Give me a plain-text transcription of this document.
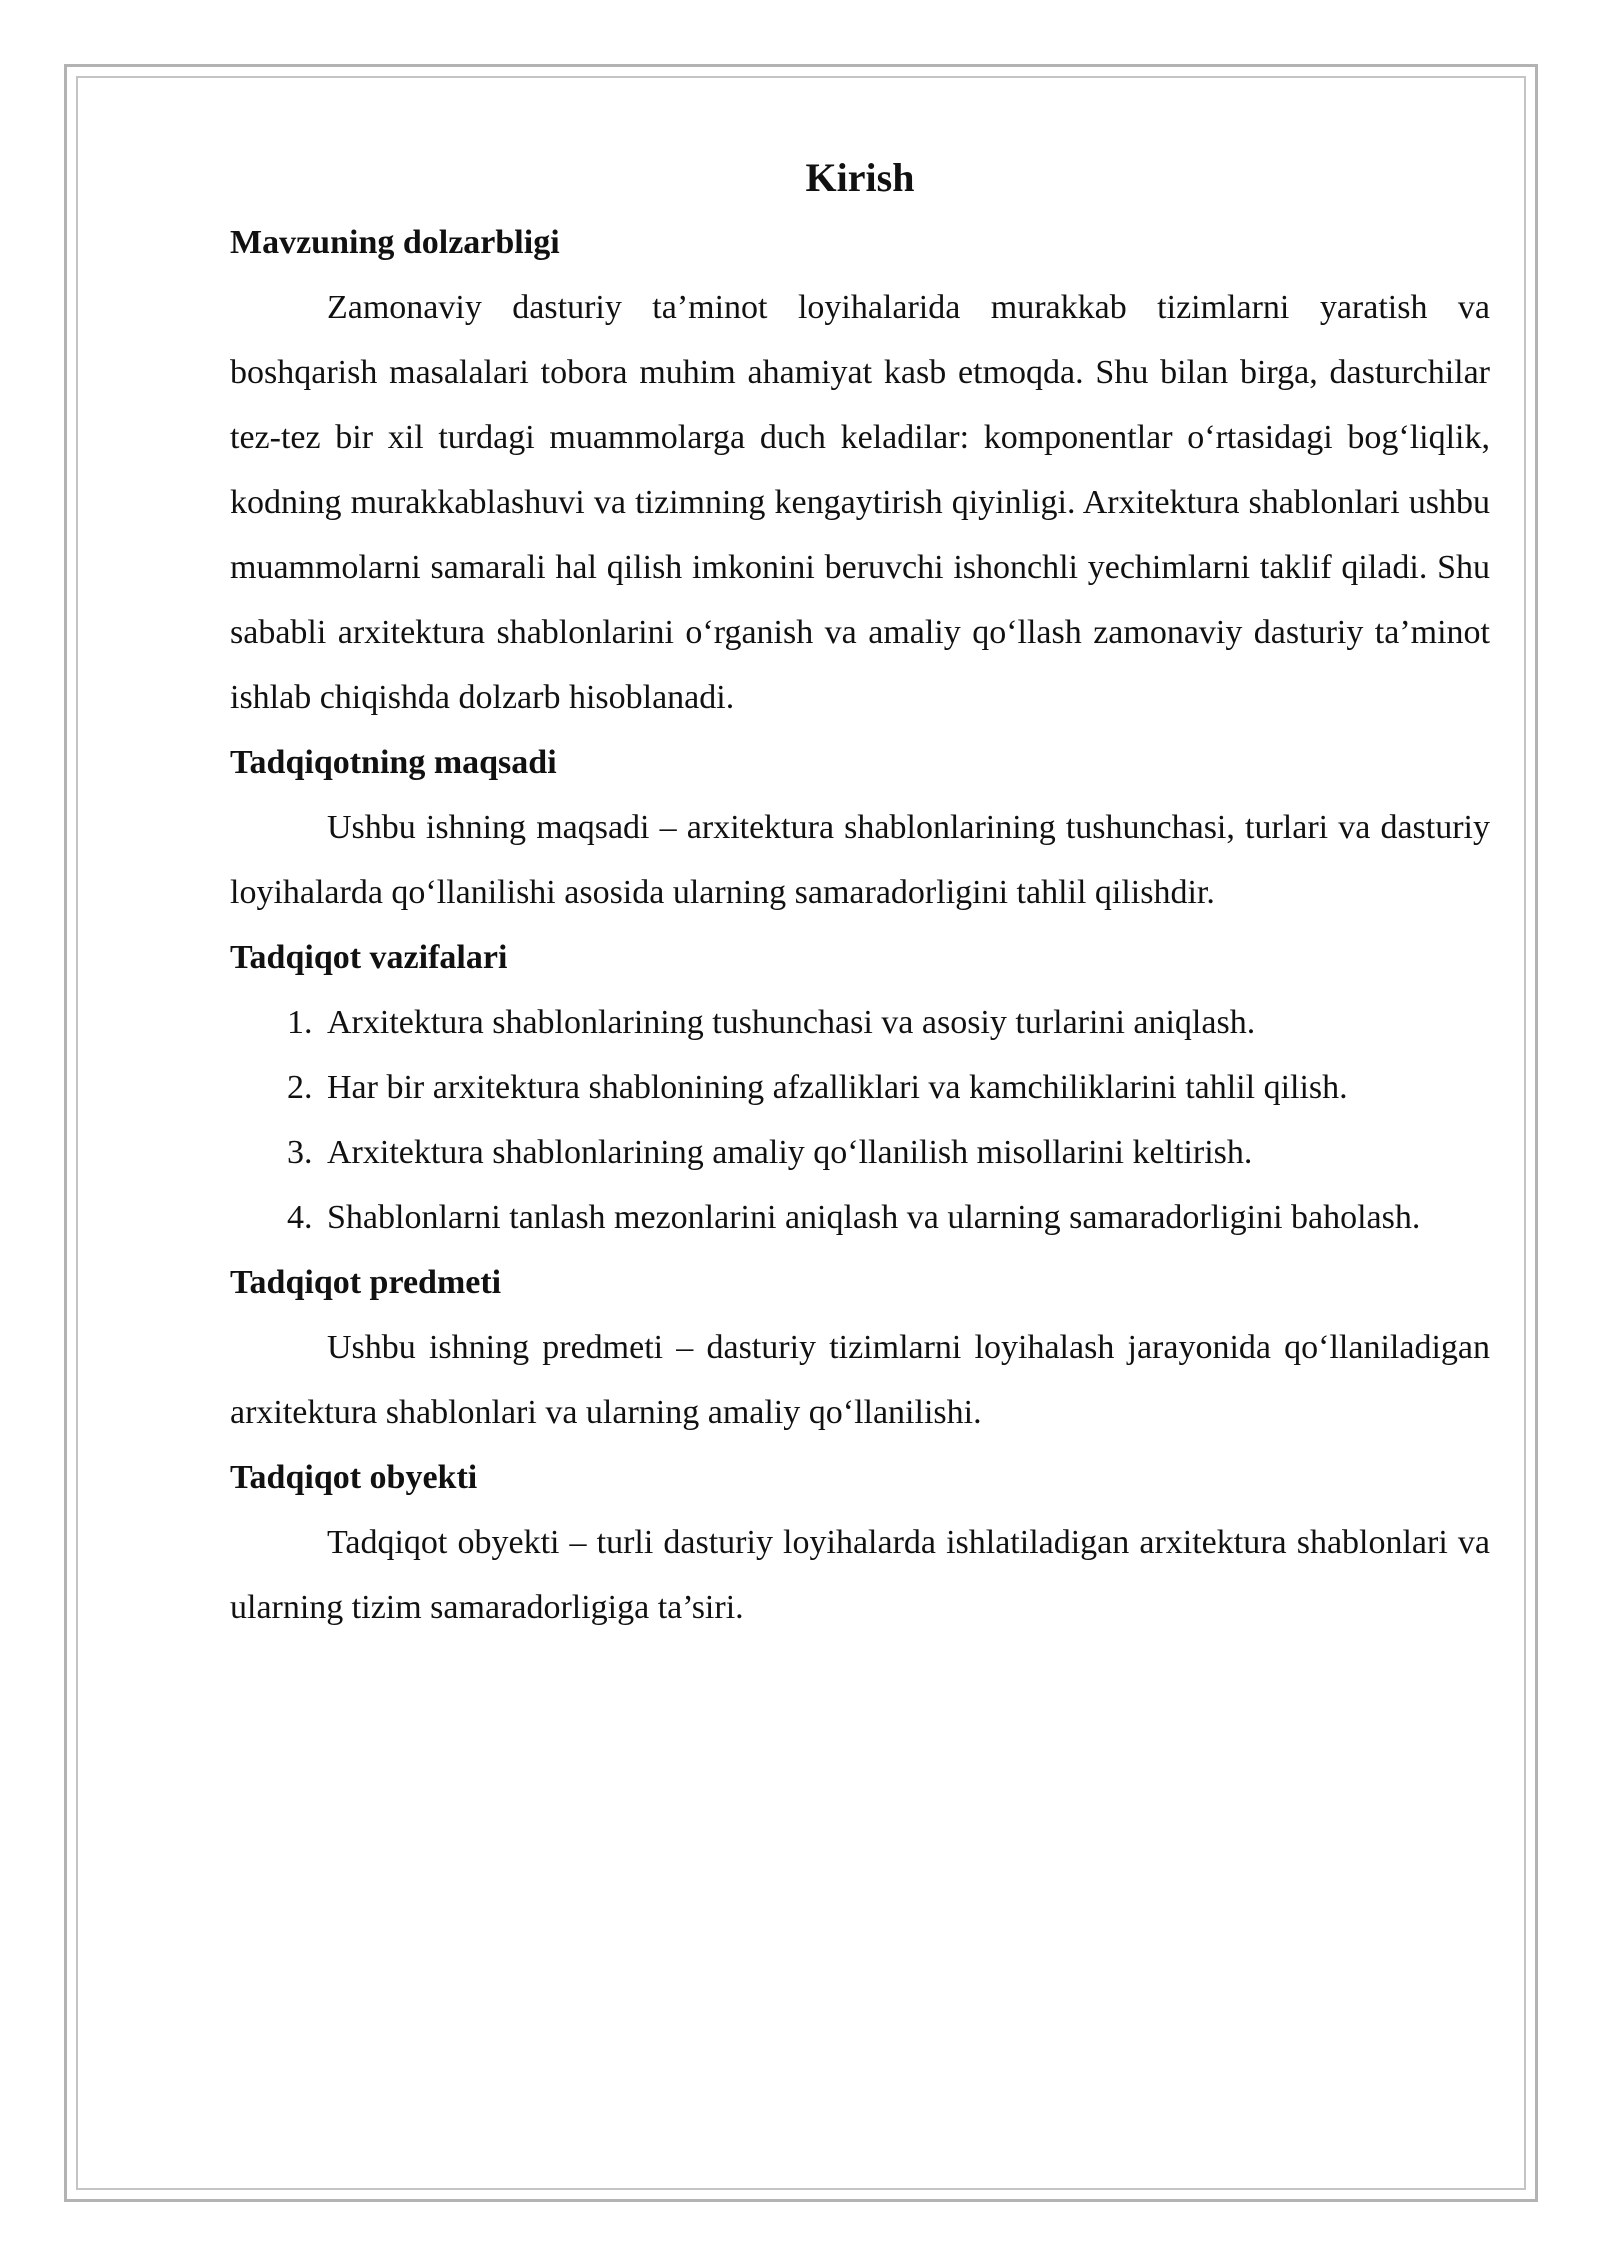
Kirish
Mavzuning dolzarbligi

Zamonaviy dasturiy ta’minot loyihalarida murakkab tizimlarni yaratish va boshqarish masalalari tobora muhim ahamiyat kasb etmoqda. Shu bilan birga, dasturchilar tez-tez bir xil turdagi muammolarga duch keladilar: komponentlar o‘rtasidagi bog‘liqlik, kodning murakkablashuvi va tizimning kengaytirish qiyinligi. Arxitektura shablonlari ushbu muammolarni samarali hal qilish imkonini beruvchi ishonchli yechimlarni taklif qiladi. Shu sababli arxitektura shablonlarini o‘rganish va amaliy qo‘llash zamonaviy dasturiy ta’minot ishlab chiqishda dolzarb hisoblanadi.

Tadqiqotning maqsadi

Ushbu ishning maqsadi – arxitektura shablonlarining tushunchasi, turlari va dasturiy loyihalarda qo‘llanilishi asosida ularning samaradorligini tahlil qilishdir.

Tadqiqot vazifalari
1. Arxitektura shablonlarining tushunchasi va asosiy turlarini aniqlash.
2. Har bir arxitektura shablonining afzalliklari va kamchiliklarini tahlil qilish.
3. Arxitektura shablonlarining amaliy qo‘llanilish misollarini keltirish.
4. Shablonlarni tanlash mezonlarini aniqlash va ularning samaradorligini baholash.
Tadqiqot predmeti

Ushbu ishning predmeti – dasturiy tizimlarni loyihalash jarayonida qo‘llaniladigan arxitektura shablonlari va ularning amaliy qo‘llanilishi.

Tadqiqot obyekti

Tadqiqot obyekti – turli dasturiy loyihalarda ishlatiladigan arxitektura shablonlari va ularning tizim samaradorligiga ta’siri.
